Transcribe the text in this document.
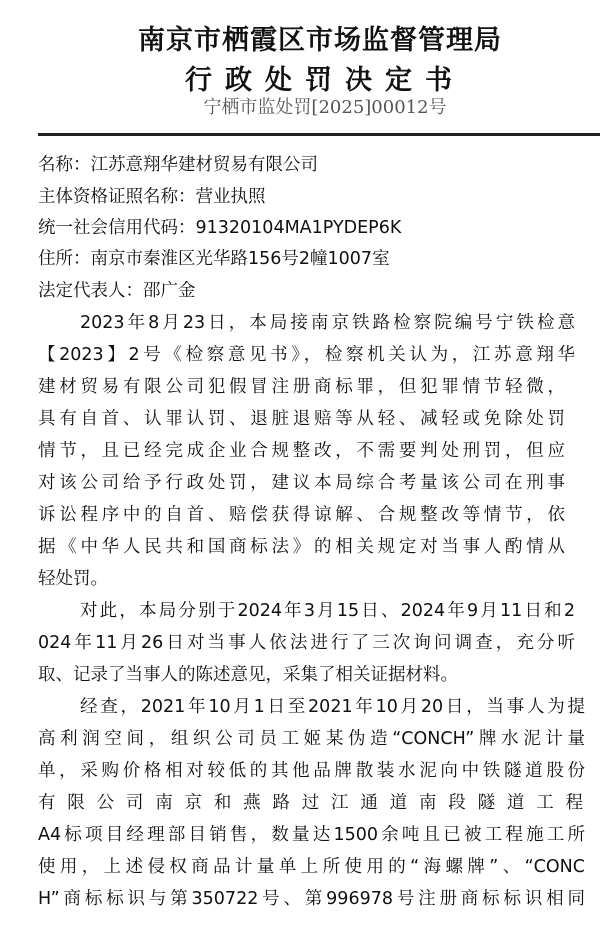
南京市栖霞区市场监督管理局
行政处罚决定书
宁栖市监处罚[2025]00012号
名称：江苏意翔华建材贸易有限公司
主体资格证照名称：营业执照
统一社会信用代码：91320104MA1PYDEP6K
住所：南京市秦淮区光华路156号2幢1007室
法定代表人：邵广金
2023年8月23日，本局接南京铁路检察院编号宁铁检意
【2023】2号《检察意见书》，检察机关认为，江苏意翔华
建材贸易有限公司犯假冒注册商标罪，但犯罪情节轻微，
具有自首、认罪认罚、退脏退赔等从轻、减轻或免除处罚
情节，且已经完成企业合规整改，不需要判处刑罚，但应
对该公司给予行政处罚，建议本局综合考量该公司在刑事
诉讼程序中的自首、赔偿获得谅解、合规整改等情节，依
据《中华人民共和国商标法》的相关规定对当事人酌情从
轻处罚。
对此，本局分别于2024年3月15日、2024年9月11日和2
024年11月26日对当事人依法进行了三次询问调查，充分听
取、记录了当事人的陈述意见，采集了相关证据材料。
经查，2021年10月1日至2021年10月20日，当事人为提
高利润空间，组织公司员工姬某伪造“CONCH”牌水泥计量
单，采购价格相对较低的其他品牌散装水泥向中铁隧道股份
有限公司南京和燕路过江通道南段隧道工程
A4标项目经理部目销售，数量达1500余吨且已被工程施工所
使用，上述侵权商品计量单上所使用的“海螺牌”、“CONC
H”商标标识与第350722号、第996978号注册商标标识相同
